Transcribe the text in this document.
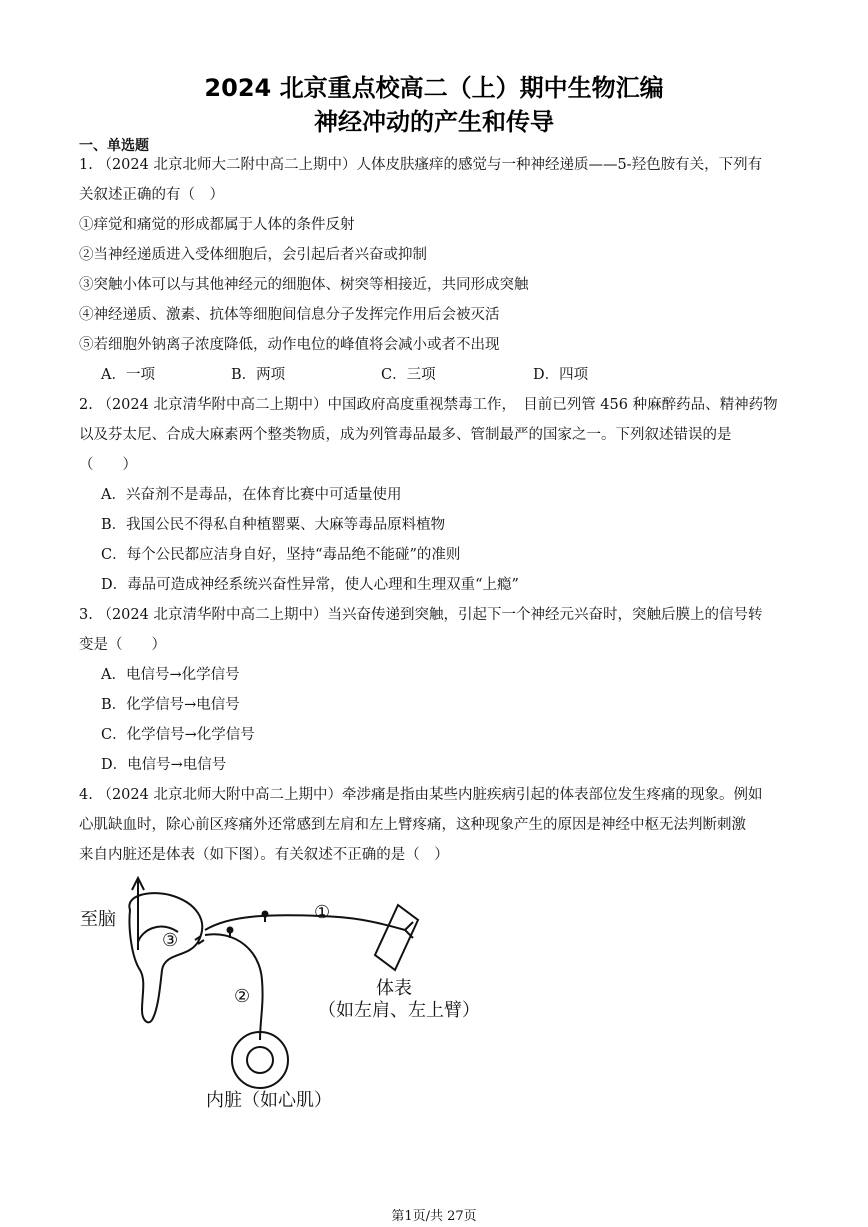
2024 北京重点校高二（上）期中生物汇编
神经冲动的产生和传导
一、单选题
1. （2024 北京北师大二附中高二上期中）人体皮肤瘙痒的感觉与一种神经递质——5-羟色胺有关，下列有
关叙述正确的有（　）
①痒觉和痛觉的形成都属于人体的条件反射
②当神经递质进入受体细胞后，会引起后者兴奋或抑制
③突触小体可以与其他神经元的细胞体、树突等相接近，共同形成突触
④神经递质、激素、抗体等细胞间信息分子发挥完作用后会被灭活
⑤若细胞外钠离子浓度降低，动作电位的峰值将会减小或者不出现
A．一项	B．两项	C．三项	D．四项
2. （2024 北京清华附中高二上期中）中国政府高度重视禁毒工作，　目前已列管 456 种麻醉药品、精神药物
以及芬太尼、合成大麻素两个整类物质，成为列管毒品最多、管制最严的国家之一。下列叙述错误的是
（　　）
A．兴奋剂不是毒品，在体育比赛中可适量使用
B．我国公民不得私自种植罂粟、大麻等毒品原料植物
C．每个公民都应洁身自好，坚持“毒品绝不能碰”的准则
D．毒品可造成神经系统兴奋性异常，使人心理和生理双重“上瘾”
3. （2024 北京清华附中高二上期中）当兴奋传递到突触，引起下一个神经元兴奋时，突触后膜上的信号转
变是（　　）
A．电信号→化学信号
B．化学信号→电信号
C．化学信号→化学信号
D．电信号→电信号
4. （2024 北京北师大附中高二上期中）牵涉痛是指由某些内脏疾病引起的体表部位发生疼痛的现象。例如
心肌缺血时，除心前区疼痛外还常感到左肩和左上臂疼痛，这种现象产生的原因是神经中枢无法判断刺激
来自内脏还是体表（如下图）。有关叙述不正确的是（　）
至脑	①
②
③
体表
（如左肩、左上臂）
内脏（如心肌）
第1页/共 27页
